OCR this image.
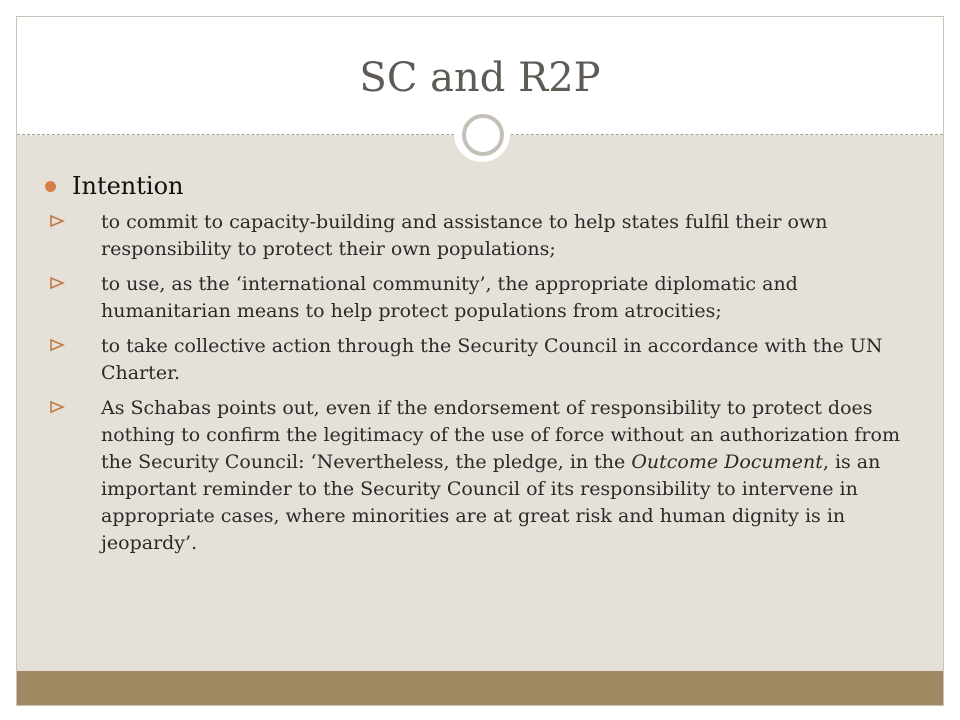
SC and R2P
Intention
to commit to capacity-building and assistance to help states fulfil their own responsibility to protect their own populations;
to use, as the ‘international community’, the appropriate diplomatic and humanitarian means to help protect populations from atrocities;
to take collective action through the Security Council in accordance with the UN Charter.
As Schabas points out, even if the endorsement of responsibility to protect does nothing to confirm the legitimacy of the use of force without an authorization from the Security Council: ‘Nevertheless, the pledge, in the Outcome Document, is an important reminder to the Security Council of its responsibility to intervene in appropriate cases, where minorities are at great risk and human dignity is in jeopardy’.
